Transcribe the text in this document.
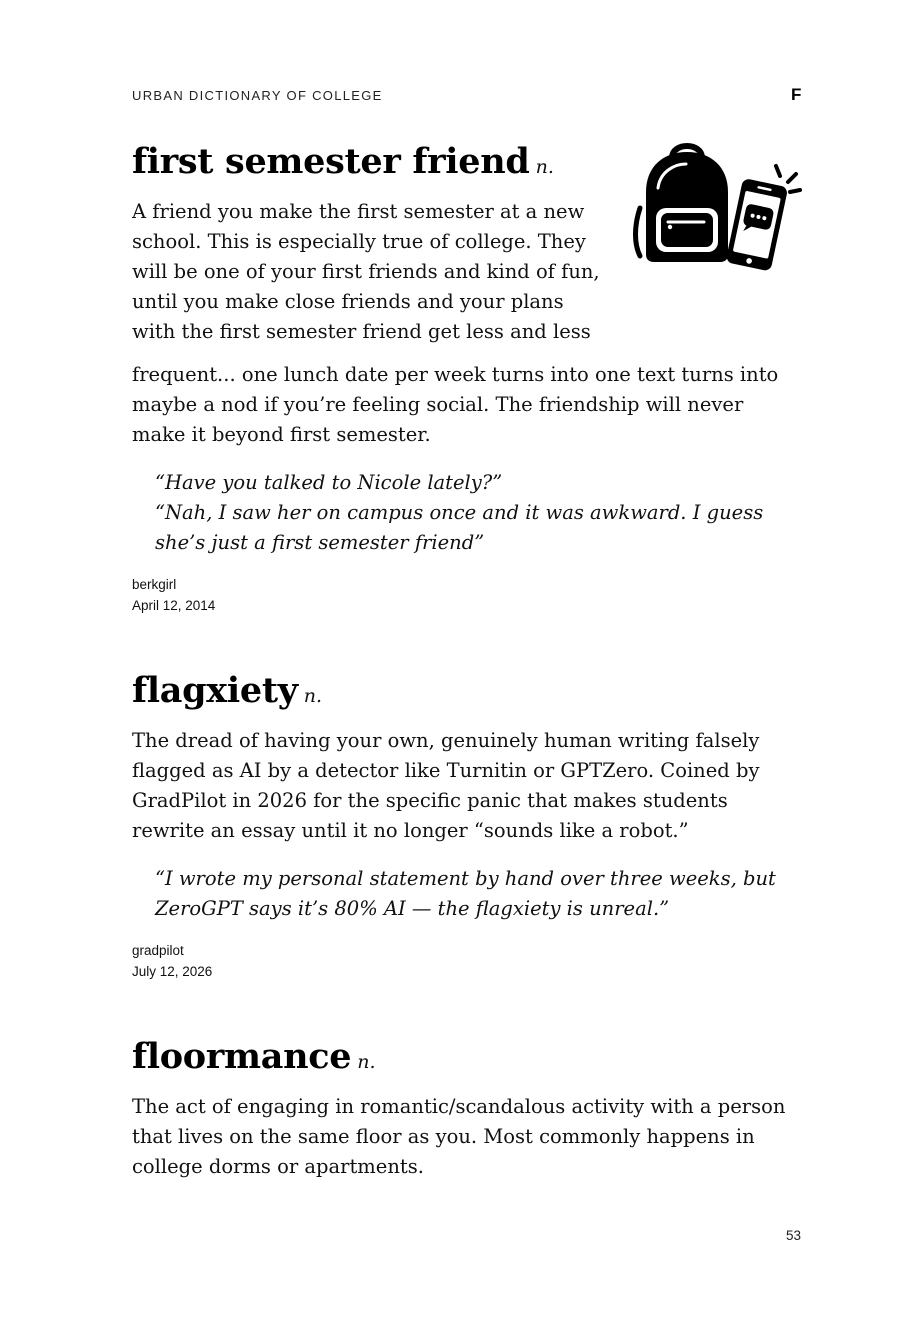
URBAN DICTIONARY OF COLLEGE	F

first semester friend n.

A friend you make the first semester at a new school. This is especially true of college. They will be one of your first friends and kind of fun, until you make close friends and your plans with the first semester friend get less and less

frequent... one lunch date per week turns into one text turns into maybe a nod if you’re feeling social. The friendship will never make it beyond first semester.

“Have you talked to Nicole lately?”
“Nah, I saw her on campus once and it was awkward. I guess she’s just a first semester friend”

berkgirl
April 12, 2014

flagxiety n.

The dread of having your own, genuinely human writing falsely flagged as AI by a detector like Turnitin or GPTZero. Coined by GradPilot in 2026 for the specific panic that makes students rewrite an essay until it no longer “sounds like a robot.”

“I wrote my personal statement by hand over three weeks, but ZeroGPT says it’s 80% AI — the flagxiety is unreal.”

gradpilot
July 12, 2026

floormance n.

The act of engaging in romantic/scandalous activity with a person that lives on the same floor as you. Most commonly happens in college dorms or apartments.

53
